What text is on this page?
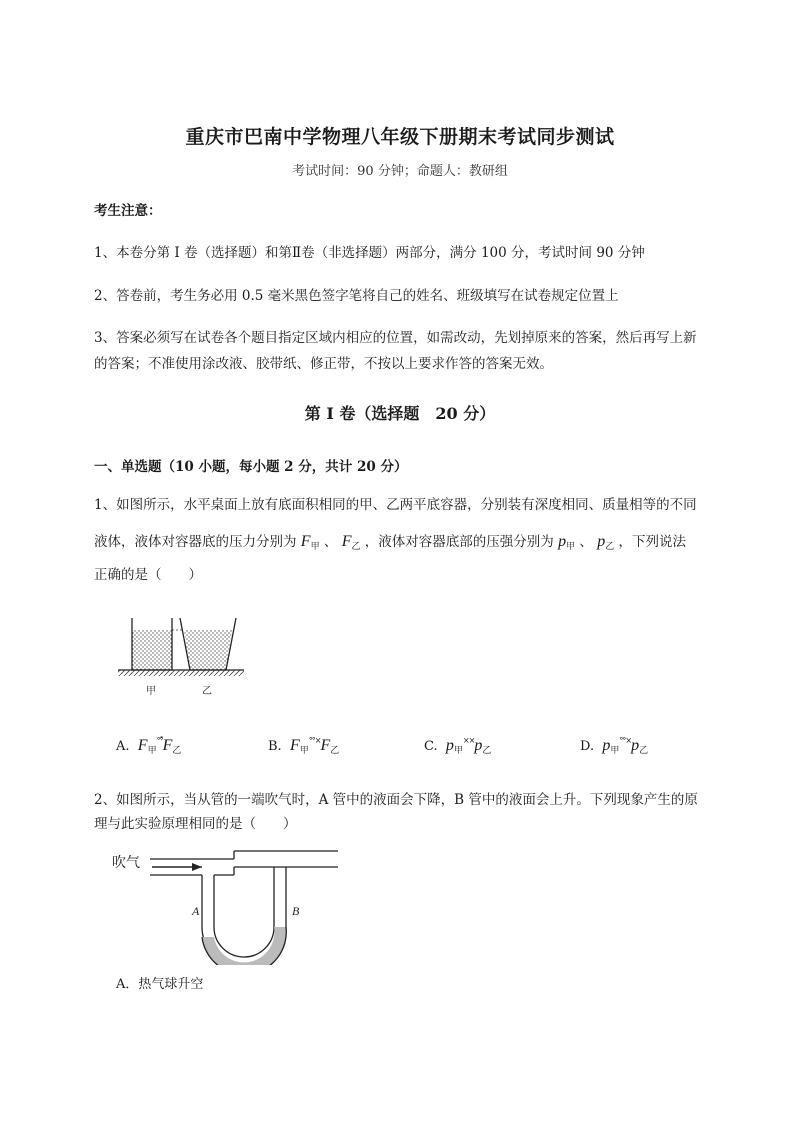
重庆市巴南中学物理八年级下册期末考试同步测试
考试时间：90 分钟；命题人：教研组
考生注意：
1、本卷分第 I 卷（选择题）和第Ⅱ卷（非选择题）两部分，满分 100 分，考试时间 90 分钟
2、答卷前，考生务必用 0.5 毫米黑色签字笔将自己的姓名、班级填写在试卷规定位置上
3、答案必须写在试卷各个题目指定区域内相应的位置，如需改动，先划掉原来的答案，然后再写上新
的答案；不准使用涂改液、胶带纸、修正带，不按以上要求作答的答案无效。
第 I 卷（选择题　20 分）
一、单选题（10 小题，每小题 2 分，共计 20 分）
1、如图所示，水平桌面上放有底面积相同的甲、乙两平底容器，分别装有深度相同、质量相等的不同
液体，液体对容器底的压力分别为 $F_甲$ 、 $F_乙$ ，液体对容器底部的压强分别为 $p_甲$ 、 $p_乙$ ，下列说法
正确的是（　　）
甲	乙
A. $F_甲^{^\circ^\circ̊}F_乙$	B. $F_甲^{^\circ^\circ\times}F_乙$	C. $p_甲^{\times\times}p_乙$	D. $p_甲^{^\circ^\circ\times}p_乙$
2、如图所示，当从管的一端吹气时，A 管中的液面会下降，B 管中的液面会上升。下列现象产生的原
理与此实验原理相同的是（　　）
吹气
A	B
A．热气球升空
